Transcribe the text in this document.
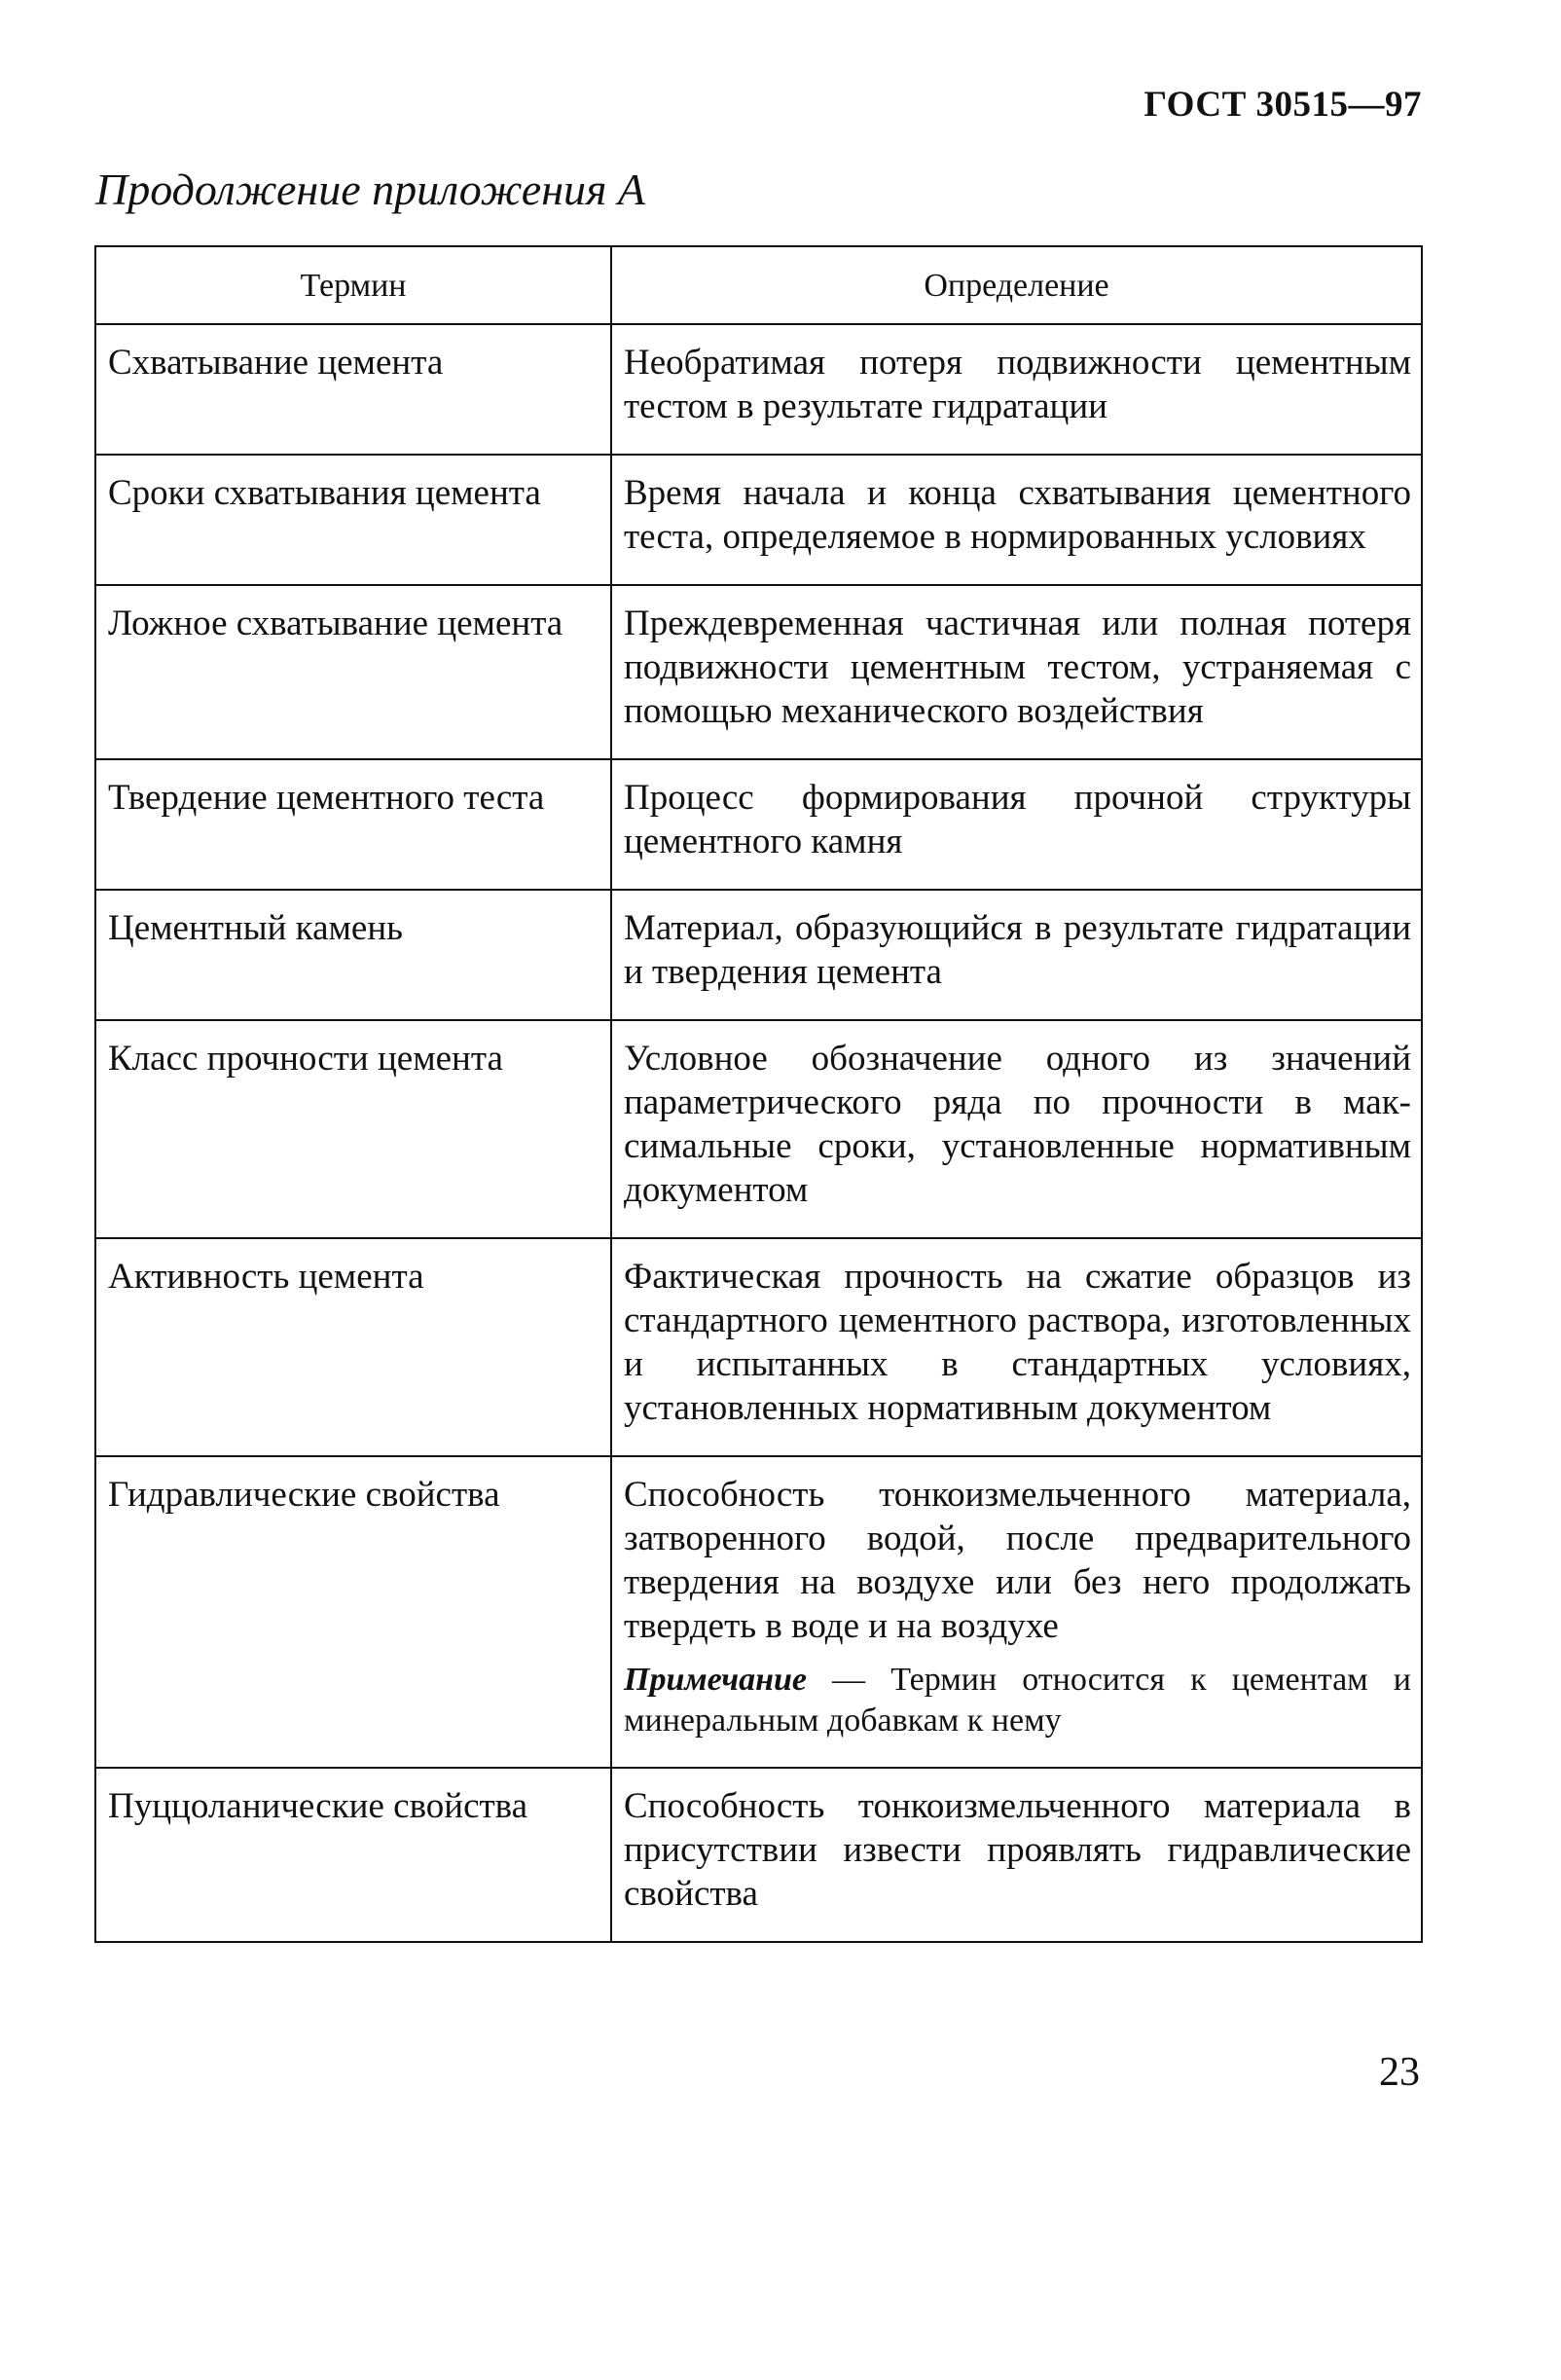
ГОСТ 30515—97
Продолжение приложения А
Термин	Определение
Схватывание цемента	Необратимая потеря подвижности цементным тестом в результате гидратации
Сроки схватывания цемента	Время начала и конца схватывания цементного теста, определяемое в нормированных условиях
Ложное схватывание цемента	Преждевременная частичная или полная потеря подвижности цементным тестом, устраняемая с помощью механического воздействия
Твердение цементного теста	Процесс формирования прочной структуры цементного камня
Цементный камень	Материал, образующийся в результате гидратации и твердения цемента
Класс прочности цемента	Условное обозначение одного из значений параметрического ряда по прочности в максимальные сроки, установленные нормативным документом
Активность цемента	Фактическая прочность на сжатие образцов из стандартного цементного раствора, изготовленных и испытанных в стандартных условиях, установленных нормативным документом
Гидравлические свойства	Способность тонкоизмельченного материала, затворенного водой, после предварительного твердения на воздухе или без него продолжать твердеть в воде и на воздухе
Примечание — Термин относится к цементам и минеральным добавкам к нему

Пуццоланические свойства	Способность тонкоизмельченного материала в присутствии извести проявлять гидравлические свойства
23
